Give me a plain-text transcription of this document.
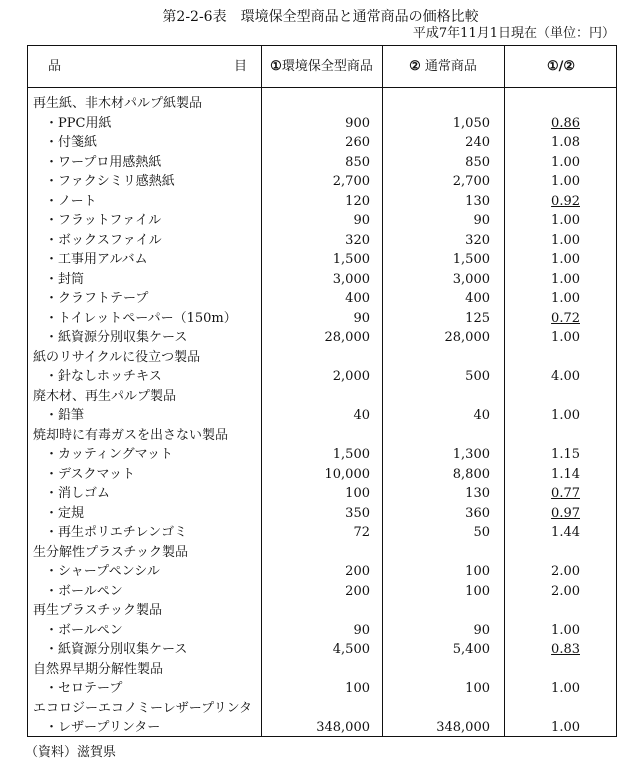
第2-2-6表　環境保全型商品と通常商品の価格比較
平成7年11月1日現在（単位：円）
品	目	①環境保全型商品	② 通常商品	①/②
再生紙、非木材パルプ紙製品
・PPC用紙	900	1,050	0.86
・付箋紙	260	240	1.08
・ワープロ用感熱紙	850	850	1.00
・ファクシミリ感熱紙	2,700	2,700	1.00
・ノート	120	130	0.92
・フラットファイル	90	90	1.00
・ボックスファイル	320	320	1.00
・工事用アルバム	1,500	1,500	1.00
・封筒	3,000	3,000	1.00
・クラフトテープ	400	400	1.00
・トイレットペーパー（150m）	90	125	0.72
・紙資源分別収集ケース	28,000	28,000	1.00
紙のリサイクルに役立つ製品
・針なしホッチキス	2,000	500	4.00
廃木材、再生パルプ製品
・鉛筆	40	40	1.00
焼却時に有毒ガスを出さない製品
・カッティングマット	1,500	1,300	1.15
・デスクマット	10,000	8,800	1.14
・消しゴム	100	130	0.77
・定規	350	360	0.97
・再生ポリエチレンゴミ	72	50	1.44
生分解性プラスチック製品
・シャープペンシル	200	100	2.00
・ボールペン	200	100	2.00
再生プラスチック製品
・ボールペン	90	90	1.00
・紙資源分別収集ケース	4,500	5,400	0.83
自然界早期分解性製品
・セロテープ	100	100	1.00
エコロジーエコノミーレザープリンタ
・レザープリンター	348,000	348,000	1.00
（資料）滋賀県
